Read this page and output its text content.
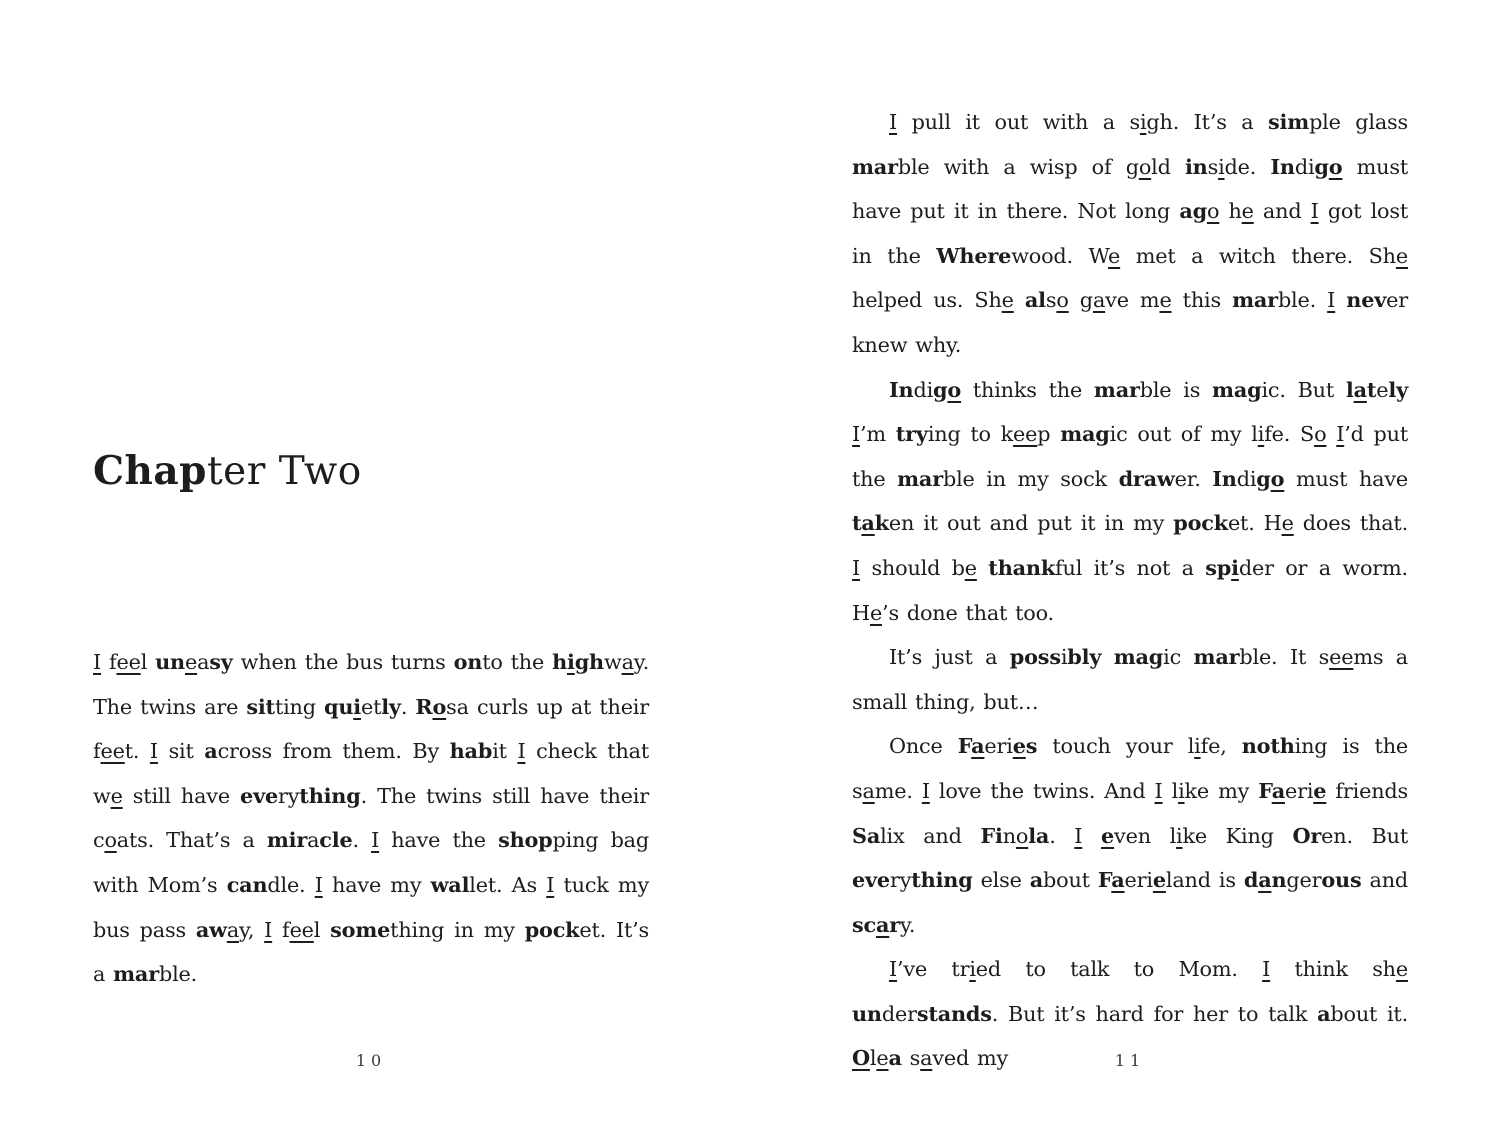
Chapter Two

I feel uneasy when the bus turns onto the highway. The twins are sitting quietly. Rosa curls up at their feet. I sit across from them. By habit I check that we still have everything. The twins still have their coats. That’s a miracle. I have the shopping bag with Mom’s candle. I have my wallet. As I tuck my bus pass away, I feel something in my pocket. It’s a marble.

10

I pull it out with a sigh. It’s a simple glass marble with a wisp of gold inside. Indigo must have put it in there. Not long ago he and I got lost in the Wherewood. We met a witch there. She helped us. She also gave me this marble. I never knew why.

Indigo thinks the marble is magic. But lately I’m trying to keep magic out of my life. So I’d put the marble in my sock drawer. Indigo must have taken it out and put it in my pocket. He does that. I should be thankful it’s not a spider or a worm. He’s done that too.

It’s just a possibly magic marble. It seems a small thing, but…

Once Faeries touch your life, nothing is the same. I love the twins. And I like my Faerie friends Salix and Finola. I even like King Oren. But everything else about Faerieland is dangerous and scary.

I’ve tried to talk to Mom. I think she understands. But it’s hard for her to talk about it. Olea saved my	11
